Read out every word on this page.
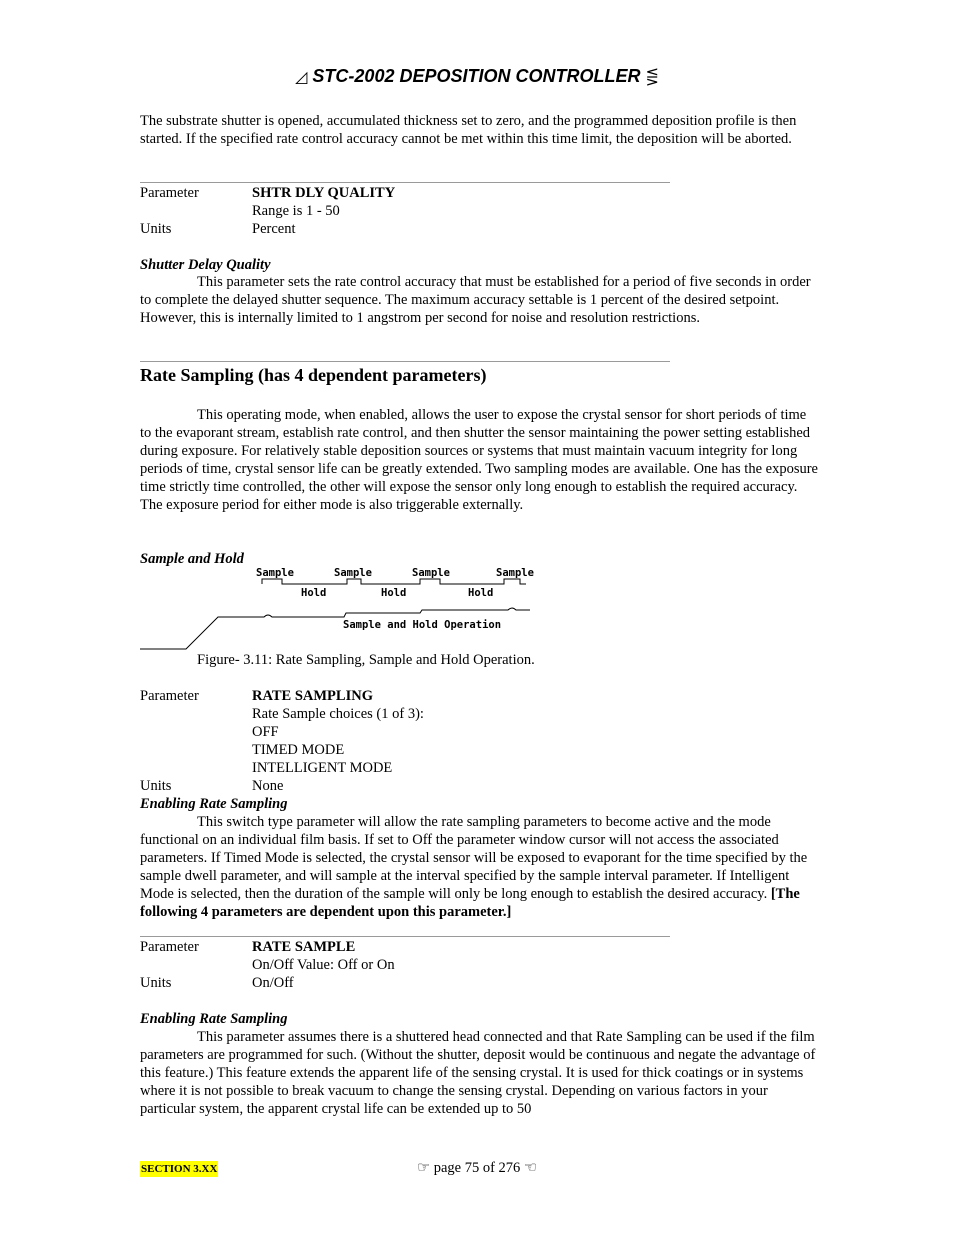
◿ STC-2002 DEPOSITION CONTROLLER ⋚

The substrate shutter is opened, accumulated thickness set to zero, and the programmed deposition profile is then started. If the specified rate control accuracy cannot be met within this time limit, the deposition will be aborted.

Parameter	SHTR DLY QUALITY
Range is 1 - 50
Units	Percent
Shutter Delay Quality

This parameter sets the rate control accuracy that must be established for a period of five seconds in order to complete the delayed shutter sequence. The maximum accuracy settable is 1 percent of the desired setpoint. However, this is internally limited to 1 angstrom per second for noise and resolution restrictions.

Rate Sampling (has 4 dependent parameters)

This operating mode, when enabled, allows the user to expose the crystal sensor for short periods of time to the evaporant stream, establish rate control, and then shutter the sensor maintaining the power setting established during exposure. For relatively stable deposition sources or systems that must maintain vacuum integrity for long periods of time, crystal sensor life can be greatly extended. Two sampling modes are available. One has the exposure time strictly time controlled, the other will expose the sensor only long enough to establish the required accuracy. The exposure period for either mode is also triggerable externally.

Sample and Hold
Sample	Sample	Sample	Sample
Hold	Hold	Hold
Sample and Hold Operation
Figure- 3.11: Rate Sampling, Sample and Hold Operation.
Parameter	RATE SAMPLING
Rate Sample choices (1 of 3):
OFF
TIMED MODE
INTELLIGENT MODE
Units	None
Enabling Rate Sampling

This switch type parameter will allow the rate sampling parameters to become active and the mode functional on an individual film basis. If set to Off the parameter window cursor will not access the associated parameters. If Timed Mode is selected, the crystal sensor will be exposed to evaporant for the time specified by the sample dwell parameter, and will sample at the interval specified by the sample interval parameter. If Intelligent Mode is selected, then the duration of the sample will only be long enough to establish the desired accuracy. [The following 4 parameters are dependent upon this parameter.]

Parameter	RATE SAMPLE
On/Off Value: Off or On
Units	On/Off
Enabling Rate Sampling

This parameter assumes there is a shuttered head connected and that Rate Sampling can be used if the film parameters are programmed for such. (Without the shutter, deposit would be continuous and negate the advantage of this feature.) This feature extends the apparent life of the sensing crystal. It is used for thick coatings or in systems where it is not possible to break vacuum to change the sensing crystal. Depending on various factors in your particular system, the apparent crystal life can be extended up to 50

☞ page 75 of 276 ☜
SECTION 3.XX
